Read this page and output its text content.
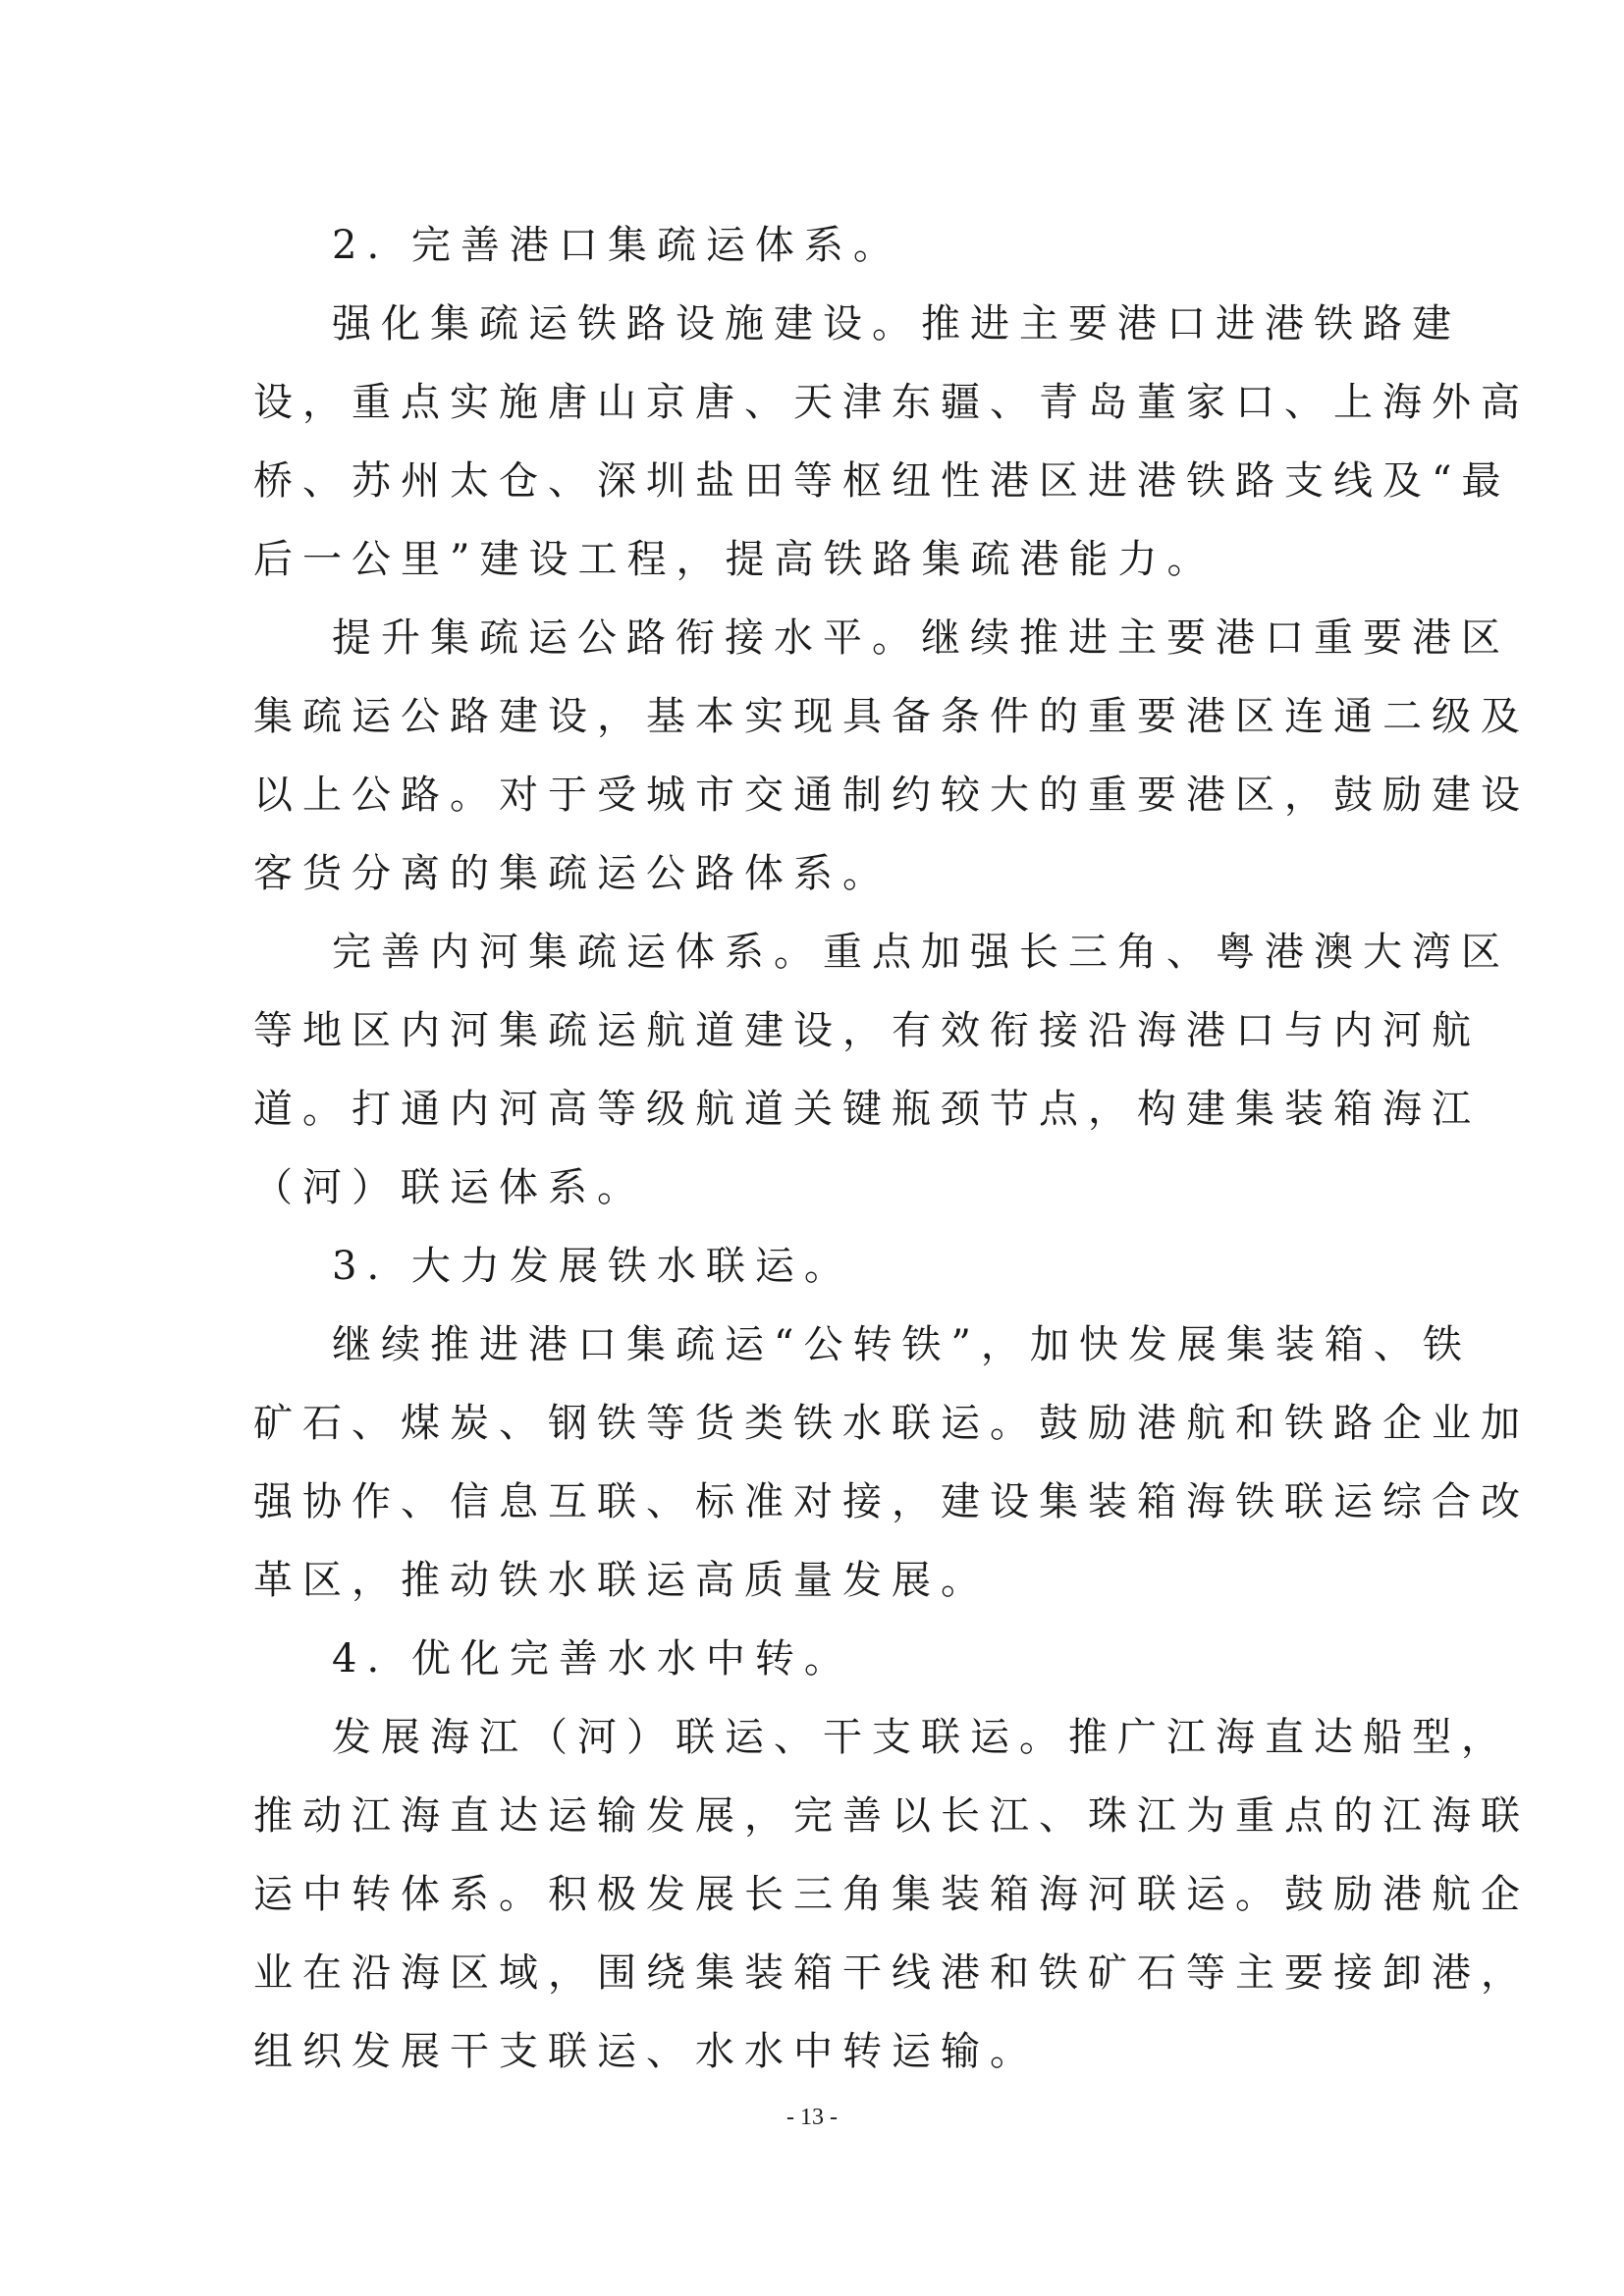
2. 完善港口集疏运体系。
强化集疏运铁路设施建设。推进主要港口进港铁路建
设，重点实施唐山京唐、天津东疆、青岛董家口、上海外高
桥、苏州太仓、深圳盐田等枢纽性港区进港铁路支线及“最
后一公里”建设工程，提高铁路集疏港能力。
提升集疏运公路衔接水平。继续推进主要港口重要港区
集疏运公路建设，基本实现具备条件的重要港区连通二级及
以上公路。对于受城市交通制约较大的重要港区，鼓励建设
客货分离的集疏运公路体系。
完善内河集疏运体系。重点加强长三角、粤港澳大湾区
等地区内河集疏运航道建设，有效衔接沿海港口与内河航
道。打通内河高等级航道关键瓶颈节点，构建集装箱海江
（河）联运体系。
3. 大力发展铁水联运。
继续推进港口集疏运“公转铁”，加快发展集装箱、铁
矿石、煤炭、钢铁等货类铁水联运。鼓励港航和铁路企业加
强协作、信息互联、标准对接，建设集装箱海铁联运综合改
革区，推动铁水联运高质量发展。
4. 优化完善水水中转。
发展海江（河）联运、干支联运。推广江海直达船型，
推动江海直达运输发展，完善以长江、珠江为重点的江海联
运中转体系。积极发展长三角集装箱海河联运。鼓励港航企
业在沿海区域，围绕集装箱干线港和铁矿石等主要接卸港，
组织发展干支联运、水水中转运输。
- 13 -
